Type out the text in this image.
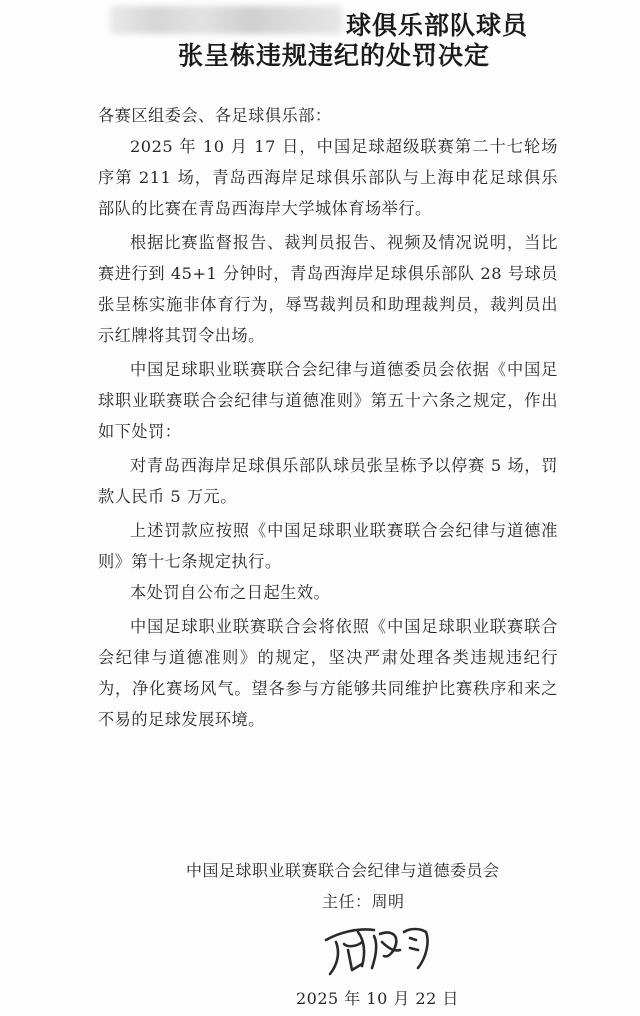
球俱乐部队球员
张呈栋违规违纪的处罚决定

各赛区组委会、各足球俱乐部：

2025 年 10 月 17 日，中国足球超级联赛第二十七轮场序第 211 场，青岛西海岸足球俱乐部队与上海申花足球俱乐部队的比赛在青岛西海岸大学城体育场举行。

根据比赛监督报告、裁判员报告、视频及情况说明，当比赛进行到 45+1 分钟时，青岛西海岸足球俱乐部队 28 号球员张呈栋实施非体育行为，辱骂裁判员和助理裁判员，裁判员出示红牌将其罚令出场。

中国足球职业联赛联合会纪律与道德委员会依据《中国足球职业联赛联合会纪律与道德准则》第五十六条之规定，作出如下处罚：

对青岛西海岸足球俱乐部队球员张呈栋予以停赛 5 场，罚款人民币 5 万元。

上述罚款应按照《中国足球职业联赛联合会纪律与道德准则》第十七条规定执行。

本处罚自公布之日起生效。

中国足球职业联赛联合会将依照《中国足球职业联赛联合会纪律与道德准则》的规定，坚决严肃处理各类违规违纪行为，净化赛场风气。望各参与方能够共同维护比赛秩序和来之不易的足球发展环境。

中国足球职业联赛联合会纪律与道德委员会
主任：周明
2025 年 10 月 22 日
